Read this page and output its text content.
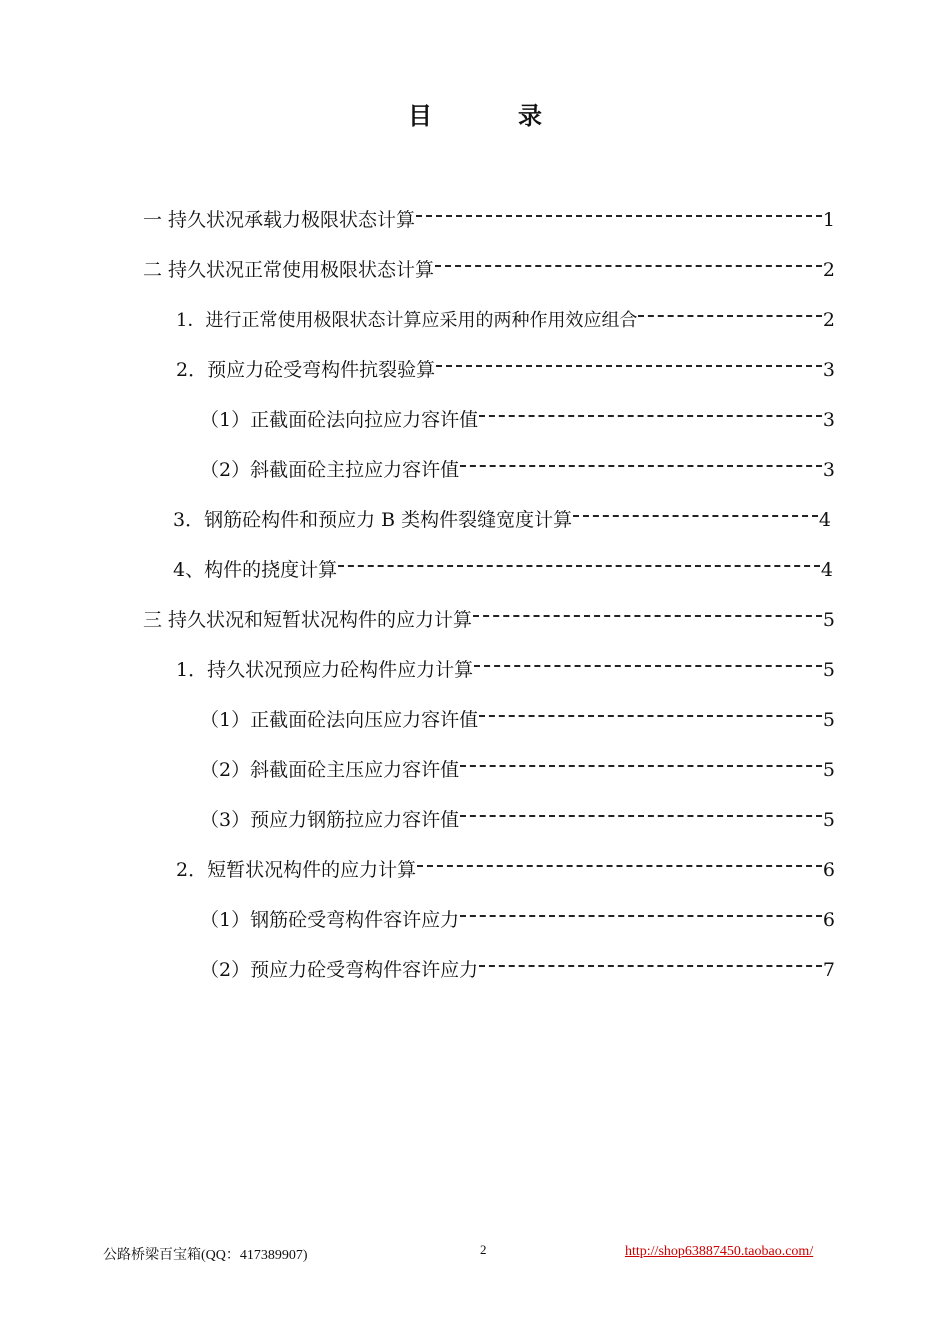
目	录
一 持久状况承载力极限状态计算	1
二 持久状况正常使用极限状态计算	2
1．进行正常使用极限状态计算应采用的两种作用效应组合	2
2．预应力砼受弯构件抗裂验算	3
（1）正截面砼法向拉应力容许值	3
（2）斜截面砼主拉应力容许值	3
3．钢筋砼构件和预应力 B 类构件裂缝宽度计算	4
4、构件的挠度计算	4
三 持久状况和短暂状况构件的应力计算	5
1．持久状况预应力砼构件应力计算	5
（1）正截面砼法向压应力容许值	5
（2）斜截面砼主压应力容许值	5
（3）预应力钢筋拉应力容许值	5
2．短暂状况构件的应力计算	6
（1）钢筋砼受弯构件容许应力	6
（2）预应力砼受弯构件容许应力	7
公路桥梁百宝箱(QQ：417389907)	2	http://shop63887450.taobao.com/
